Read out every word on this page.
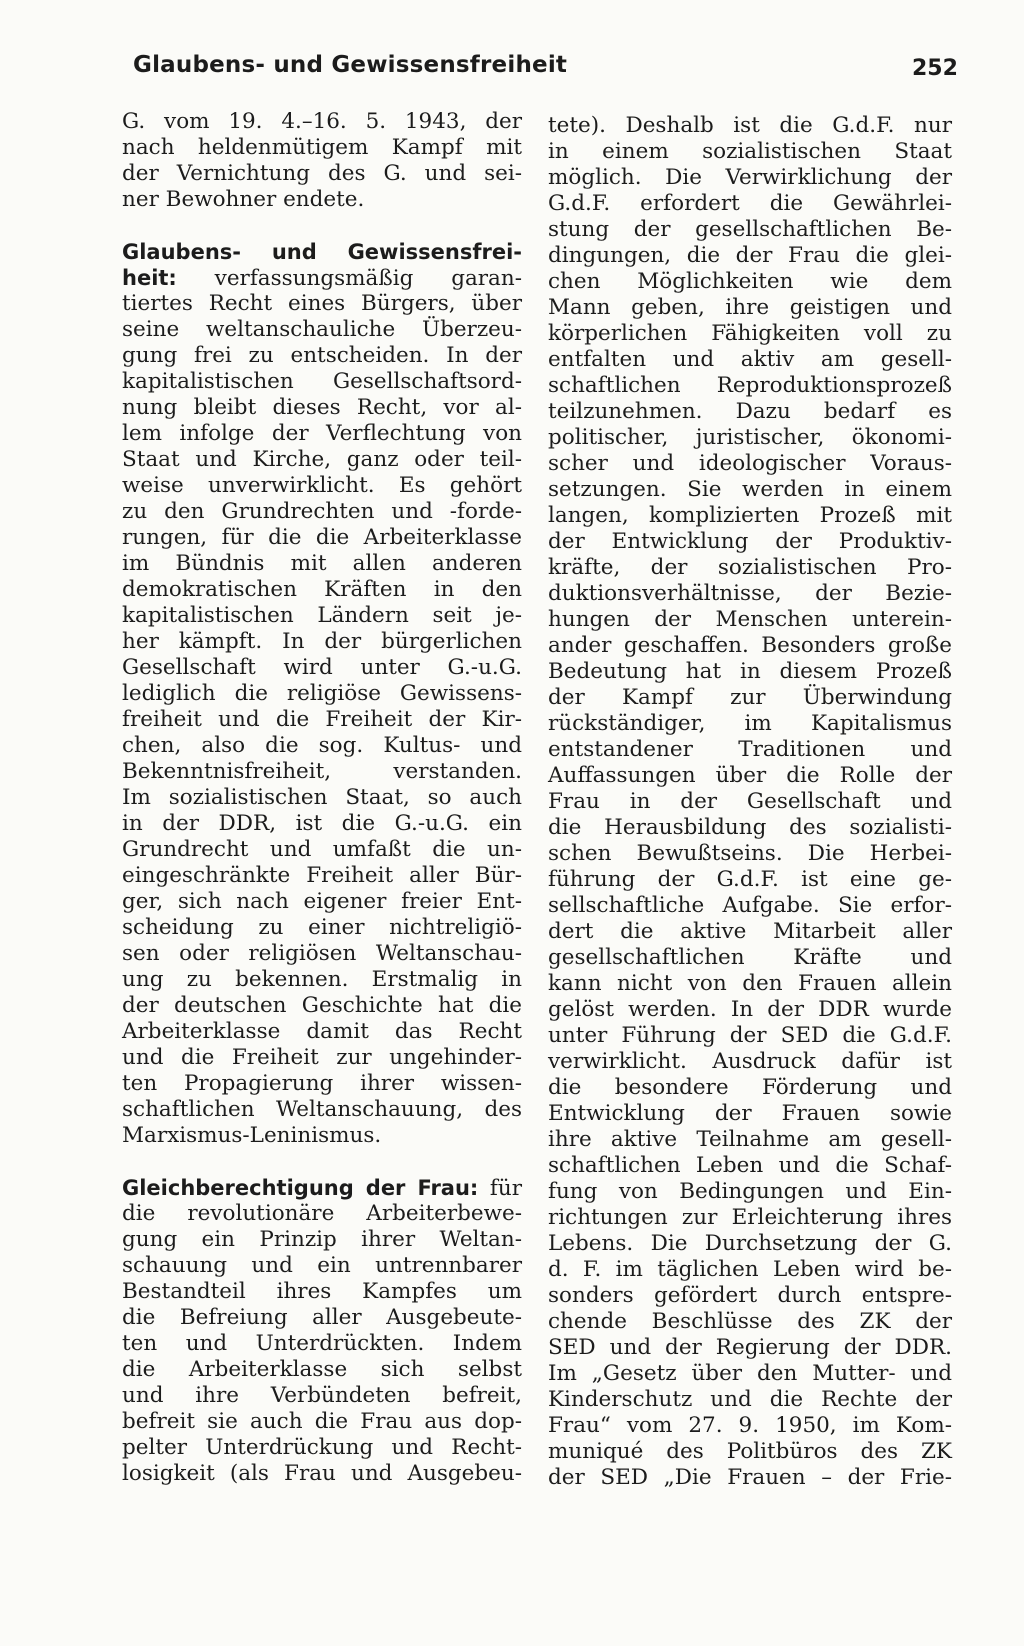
Glaubens- und Gewissensfreiheit	252
G. vom 19. 4.–16. 5. 1943, der
nach heldenmütigem Kampf mit
der Vernichtung des G. und sei-
ner Bewohner endete.
Glaubens- und Gewissensfrei-
heit: verfassungsmäßig garan-
tiertes Recht eines Bürgers, über
seine weltanschauliche Überzeu-
gung frei zu entscheiden. In der
kapitalistischen Gesellschaftsord-
nung bleibt dieses Recht, vor al-
lem infolge der Verflechtung von
Staat und Kirche, ganz oder teil-
weise unverwirklicht. Es gehört
zu den Grundrechten und -forde-
rungen, für die die Arbeiterklasse
im Bündnis mit allen anderen
demokratischen Kräften in den
kapitalistischen Ländern seit je-
her kämpft. In der bürgerlichen
Gesellschaft wird unter G.-u.G.
lediglich die religiöse Gewissens-
freiheit und die Freiheit der Kir-
chen, also die sog. Kultus- und
Bekenntnisfreiheit, verstanden.
Im sozialistischen Staat, so auch
in der DDR, ist die G.-u.G. ein
Grundrecht und umfaßt die un-
eingeschränkte Freiheit aller Bür-
ger, sich nach eigener freier Ent-
scheidung zu einer nichtreligiö-
sen oder religiösen Weltanschau-
ung zu bekennen. Erstmalig in
der deutschen Geschichte hat die
Arbeiterklasse damit das Recht
und die Freiheit zur ungehinder-
ten Propagierung ihrer wissen-
schaftlichen Weltanschauung, des
Marxismus-Leninismus.
Gleichberechtigung der Frau: für
die revolutionäre Arbeiterbewe-
gung ein Prinzip ihrer Weltan-
schauung und ein untrennbarer
Bestandteil ihres Kampfes um
die Befreiung aller Ausgebeute-
ten und Unterdrückten. Indem
die Arbeiterklasse sich selbst
und ihre Verbündeten befreit,
befreit sie auch die Frau aus dop-
pelter Unterdrückung und Recht-
losigkeit (als Frau und Ausgebeu-
tete). Deshalb ist die G.d.F. nur
in einem sozialistischen Staat
möglich. Die Verwirklichung der
G.d.F. erfordert die Gewährlei-
stung der gesellschaftlichen Be-
dingungen, die der Frau die glei-
chen Möglichkeiten wie dem
Mann geben, ihre geistigen und
körperlichen Fähigkeiten voll zu
entfalten und aktiv am gesell-
schaftlichen Reproduktionsprozeß
teilzunehmen. Dazu bedarf es
politischer, juristischer, ökonomi-
scher und ideologischer Voraus-
setzungen. Sie werden in einem
langen, komplizierten Prozeß mit
der Entwicklung der Produktiv-
kräfte, der sozialistischen Pro-
duktionsverhältnisse, der Bezie-
hungen der Menschen unterein-
ander geschaffen. Besonders große
Bedeutung hat in diesem Prozeß
der Kampf zur Überwindung
rückständiger, im Kapitalismus
entstandener Traditionen und
Auffassungen über die Rolle der
Frau in der Gesellschaft und
die Herausbildung des sozialisti-
schen Bewußtseins. Die Herbei-
führung der G.d.F. ist eine ge-
sellschaftliche Aufgabe. Sie erfor-
dert die aktive Mitarbeit aller
gesellschaftlichen Kräfte und
kann nicht von den Frauen allein
gelöst werden. In der DDR wurde
unter Führung der SED die G.d.F.
verwirklicht. Ausdruck dafür ist
die besondere Förderung und
Entwicklung der Frauen sowie
ihre aktive Teilnahme am gesell-
schaftlichen Leben und die Schaf-
fung von Bedingungen und Ein-
richtungen zur Erleichterung ihres
Lebens. Die Durchsetzung der G.
d. F. im täglichen Leben wird be-
sonders gefördert durch entspre-
chende Beschlüsse des ZK der
SED und der Regierung der DDR.
Im „Gesetz über den Mutter- und
Kinderschutz und die Rechte der
Frau“ vom 27. 9. 1950, im Kom-
muniqué des Politbüros des ZK
der SED „Die Frauen – der Frie-
